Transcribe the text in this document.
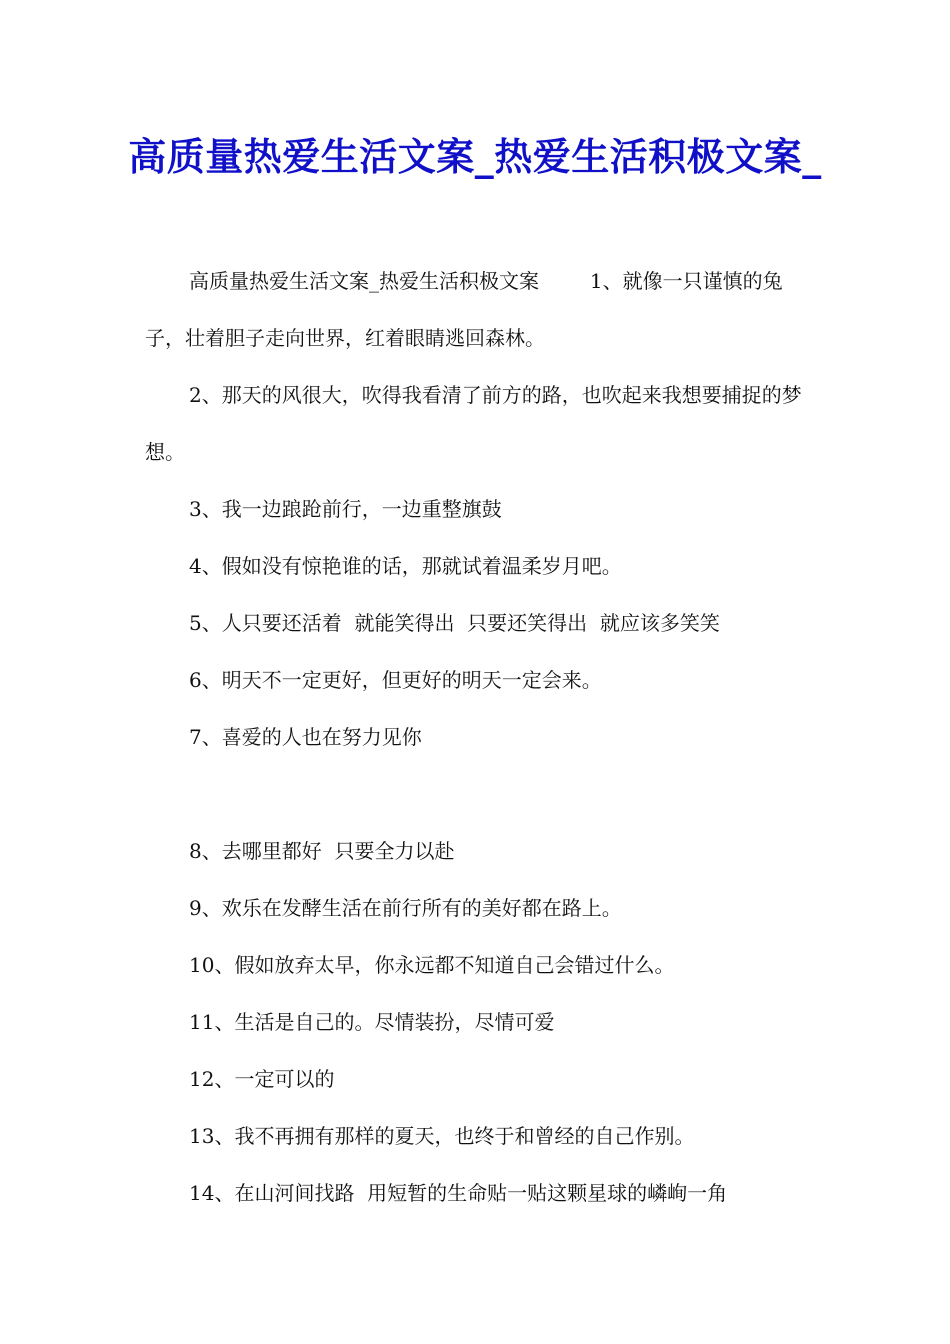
高质量热爱生活文案_热爱生活积极文案_

高质量热爱生活文案_热爱生活积极文案        1、就像一只谨慎的兔子，壮着胆子走向世界，红着眼睛逃回森林。

2、那天的风很大，吹得我看清了前方的路，也吹起来我想要捕捉的梦想。

3、我一边踉跄前行，一边重整旗鼓

4、假如没有惊艳谁的话，那就试着温柔岁月吧。

5、人只要还活着  就能笑得出  只要还笑得出  就应该多笑笑

6、明天不一定更好，但更好的明天一定会来。

7、喜爱的人也在努力见你

8、去哪里都好  只要全力以赴

9、欢乐在发酵生活在前行所有的美好都在路上。

10、假如放弃太早，你永远都不知道自己会错过什么。

11、生活是自己的。尽情装扮，尽情可爱

12、一定可以的

13、我不再拥有那样的夏天，也终于和曾经的自己作别。

14、在山河间找路  用短暂的生命贴一贴这颗星球的嶙峋一角
